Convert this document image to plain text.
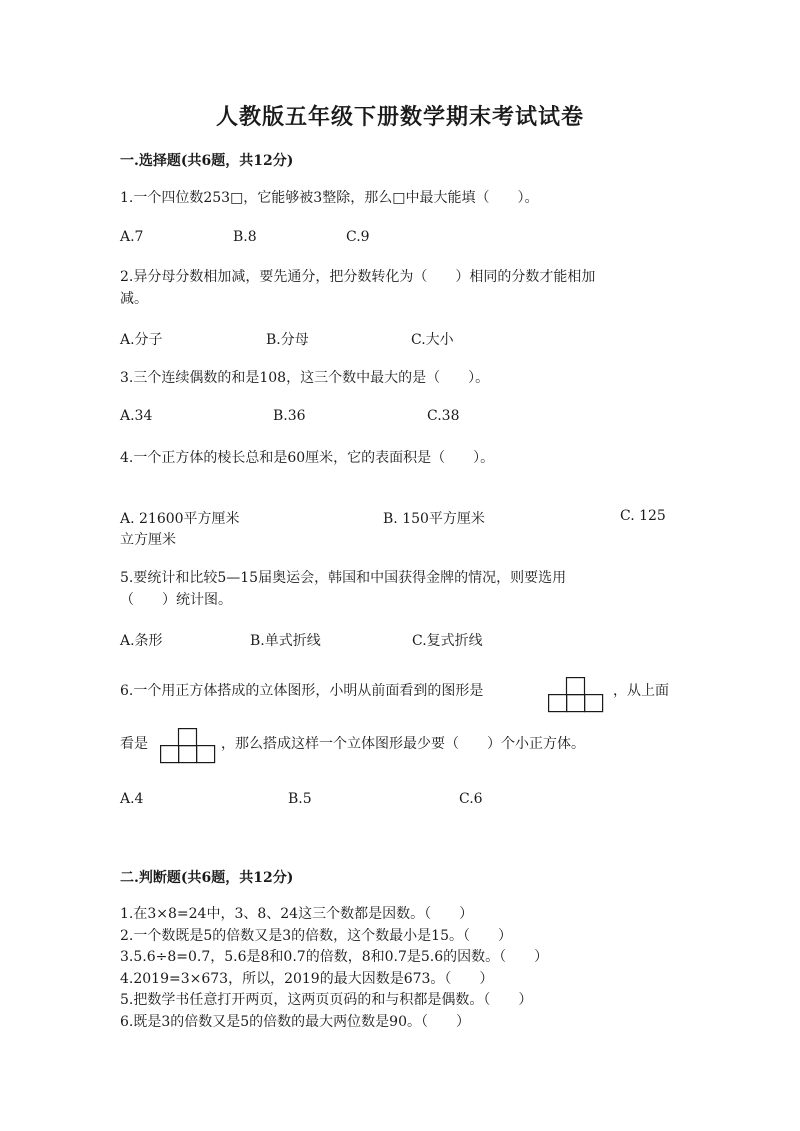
人教版五年级下册数学期末考试试卷
一.选择题(共6题，共12分)
1.一个四位数253□，它能够被3整除，那么□中最大能填（　　）。
A.7	B.8	C.9
2.异分母分数相加减，要先通分，把分数转化为（　　）相同的分数才能相加
减。
A.分子	B.分母	C.大小
3.三个连续偶数的和是108，这三个数中最大的是（　　）。
A.34	B.36	C.38
4.一个正方体的棱长总和是60厘米，它的表面积是（　　）。
A. 21600平方厘米	B. 150平方厘米	C. 125
立方厘米
5.要统计和比较5—15届奥运会，韩国和中国获得金牌的情况，则要选用
（　　）统计图。
A.条形	B.单式折线	C.复式折线
6.一个用正方体搭成的立体图形，小明从前面看到的图形是	，从上面
看是	，那么搭成这样一个立体图形最少要（　　）个小正方体。
A.4	B.5	C.6
二.判断题(共6题，共12分)
1.在3×8=24中，3、8、24这三个数都是因数。（　　）
2.一个数既是5的倍数又是3的倍数，这个数最小是15。（　　）
3.5.6÷8=0.7，5.6是8和0.7的倍数，8和0.7是5.6的因数。（　　）
4.2019=3×673，所以，2019的最大因数是673。（　　）
5.把数学书任意打开两页，这两页页码的和与积都是偶数。（　　）
6.既是3的倍数又是5的倍数的最大两位数是90。（　　）
